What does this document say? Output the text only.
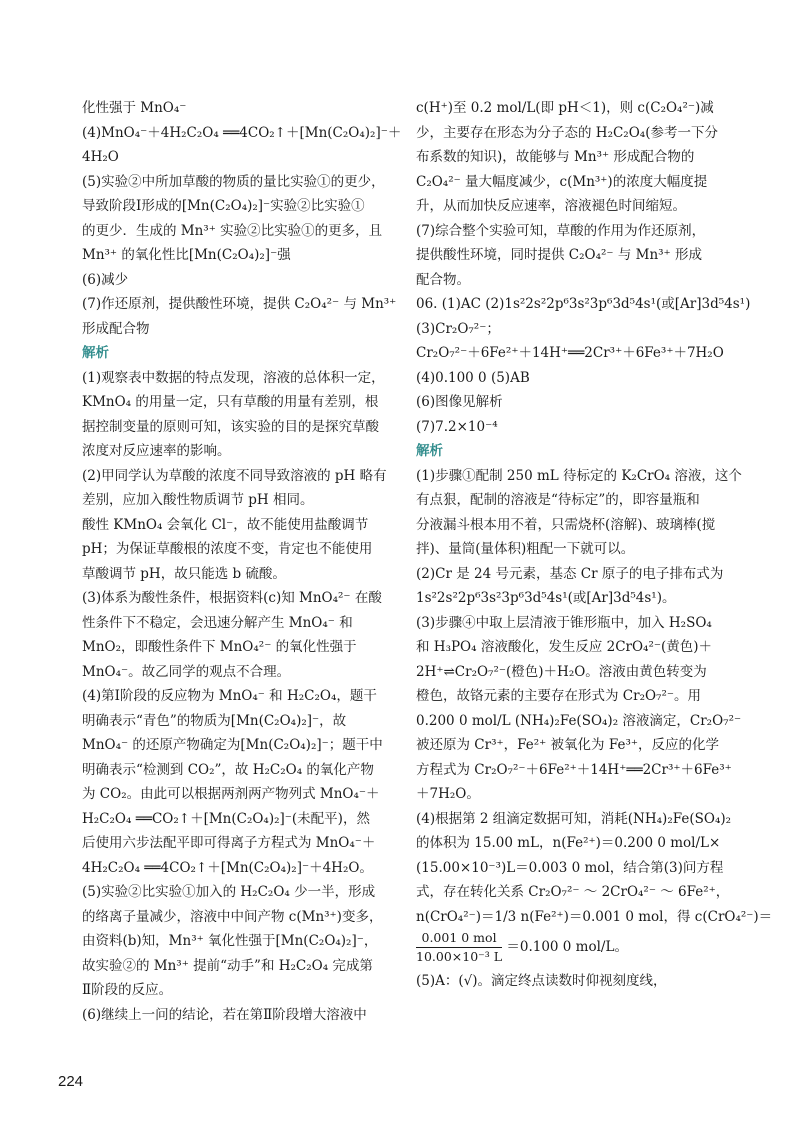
化性强于 MnO₄⁻
(4)MnO₄⁻＋4H₂C₂O₄ ══4CO₂↑＋[Mn(C₂O₄)₂]⁻＋
4H₂O
(5)实验②中所加草酸的物质的量比实验①的更少，
导致阶段Ⅰ形成的[Mn(C₂O₄)₂]⁻实验②比实验①
的更少．生成的 Mn³⁺ 实验②比实验①的更多，且
Mn³⁺ 的氧化性比[Mn(C₂O₄)₂]⁻强
(6)减少
(7)作还原剂，提供酸性环境，提供 C₂O₄²⁻ 与 Mn³⁺
形成配合物
解析
(1)观察表中数据的特点发现，溶液的总体积一定，
KMnO₄ 的用量一定，只有草酸的用量有差别，根
据控制变量的原则可知，该实验的目的是探究草酸
浓度对反应速率的影响。
(2)甲同学认为草酸的浓度不同导致溶液的 pH 略有
差别，应加入酸性物质调节 pH 相同。
酸性 KMnO₄ 会氧化 Cl⁻，故不能使用盐酸调节
pH；为保证草酸根的浓度不变，肯定也不能使用
草酸调节 pH，故只能选 b 硫酸。
(3)体系为酸性条件，根据资料(c)知 MnO₄²⁻ 在酸
性条件下不稳定，会迅速分解产生 MnO₄⁻ 和
MnO₂，即酸性条件下 MnO₄²⁻ 的氧化性强于
MnO₄⁻。故乙同学的观点不合理。
(4)第Ⅰ阶段的反应物为 MnO₄⁻ 和 H₂C₂O₄，题干
明确表示“青色”的物质为[Mn(C₂O₄)₂]⁻，故
MnO₄⁻ 的还原产物确定为[Mn(C₂O₄)₂]⁻；题干中
明确表示“检测到 CO₂”，故 H₂C₂O₄ 的氧化产物
为 CO₂。由此可以根据两剂两产物列式 MnO₄⁻＋
H₂C₂O₄ ══CO₂↑＋[Mn(C₂O₄)₂]⁻(未配平)，然
后使用六步法配平即可得离子方程式为 MnO₄⁻＋
4H₂C₂O₄ ══4CO₂↑＋[Mn(C₂O₄)₂]⁻＋4H₂O。
(5)实验②比实验①加入的 H₂C₂O₄ 少一半，形成
的络离子量减少，溶液中中间产物 c(Mn³⁺)变多，
由资料(b)知，Mn³⁺ 氧化性强于[Mn(C₂O₄)₂]⁻，
故实验②的 Mn³⁺ 提前“动手”和 H₂C₂O₄ 完成第
Ⅱ阶段的反应。
(6)继续上一问的结论，若在第Ⅱ阶段增大溶液中
c(H⁺)至 0.2 mol/L(即 pH＜1)，则 c(C₂O₄²⁻)减
少，主要存在形态为分子态的 H₂C₂O₄(参考一下分
布系数的知识)，故能够与 Mn³⁺ 形成配合物的
C₂O₄²⁻ 量大幅度减少，c(Mn³⁺)的浓度大幅度提
升，从而加快反应速率，溶液褪色时间缩短。
(7)综合整个实验可知，草酸的作用为作还原剂，
提供酸性环境，同时提供 C₂O₄²⁻ 与 Mn³⁺ 形成
配合物。
06. (1)AC (2)1s²2s²2p⁶3s²3p⁶3d⁵4s¹(或[Ar]3d⁵4s¹)
(3)Cr₂O₇²⁻；
Cr₂O₇²⁻＋6Fe²⁺＋14H⁺══2Cr³⁺＋6Fe³⁺＋7H₂O
(4)0.100 0 (5)AB
(6)图像见解析
(7)7.2×10⁻⁴
解析
(1)步骤①配制 250 mL 待标定的 K₂CrO₄ 溶液，这个
有点狠，配制的溶液是“待标定”的，即容量瓶和
分液漏斗根本用不着，只需烧杯(溶解)、玻璃棒(搅
拌)、量筒(量体积)粗配一下就可以。
(2)Cr 是 24 号元素，基态 Cr 原子的电子排布式为
1s²2s²2p⁶3s²3p⁶3d⁵4s¹(或[Ar]3d⁵4s¹)。
(3)步骤④中取上层清液于锥形瓶中，加入 H₂SO₄
和 H₃PO₄ 溶液酸化，发生反应 2CrO₄²⁻(黄色)＋
2H⁺⇌Cr₂O₇²⁻(橙色)＋H₂O。溶液由黄色转变为
橙色，故铬元素的主要存在形式为 Cr₂O₇²⁻。用
0.200 0 mol/L (NH₄)₂Fe(SO₄)₂ 溶液滴定，Cr₂O₇²⁻
被还原为 Cr³⁺，Fe²⁺ 被氧化为 Fe³⁺，反应的化学
方程式为 Cr₂O₇²⁻＋6Fe²⁺＋14H⁺══2Cr³⁺＋6Fe³⁺
＋7H₂O。
(4)根据第 2 组滴定数据可知，消耗(NH₄)₂Fe(SO₄)₂
的体积为 15.00 mL，n(Fe²⁺)＝0.200 0 mol/L×
(15.00×10⁻³)L＝0.003 0 mol，结合第(3)问方程
式，存在转化关系 Cr₂O₇²⁻ ～ 2CrO₄²⁻ ～ 6Fe²⁺，
n(CrO₄²⁻)＝1/3 n(Fe²⁺)＝0.001 0 mol，得 c(CrO₄²⁻)＝
$\frac{\text{0.001 0 mol}}{\text{10.00×10⁻³ L}} =0.100$ 0 mol/L。
(5)A：(√)。滴定终点读数时仰视刻度线，
224
